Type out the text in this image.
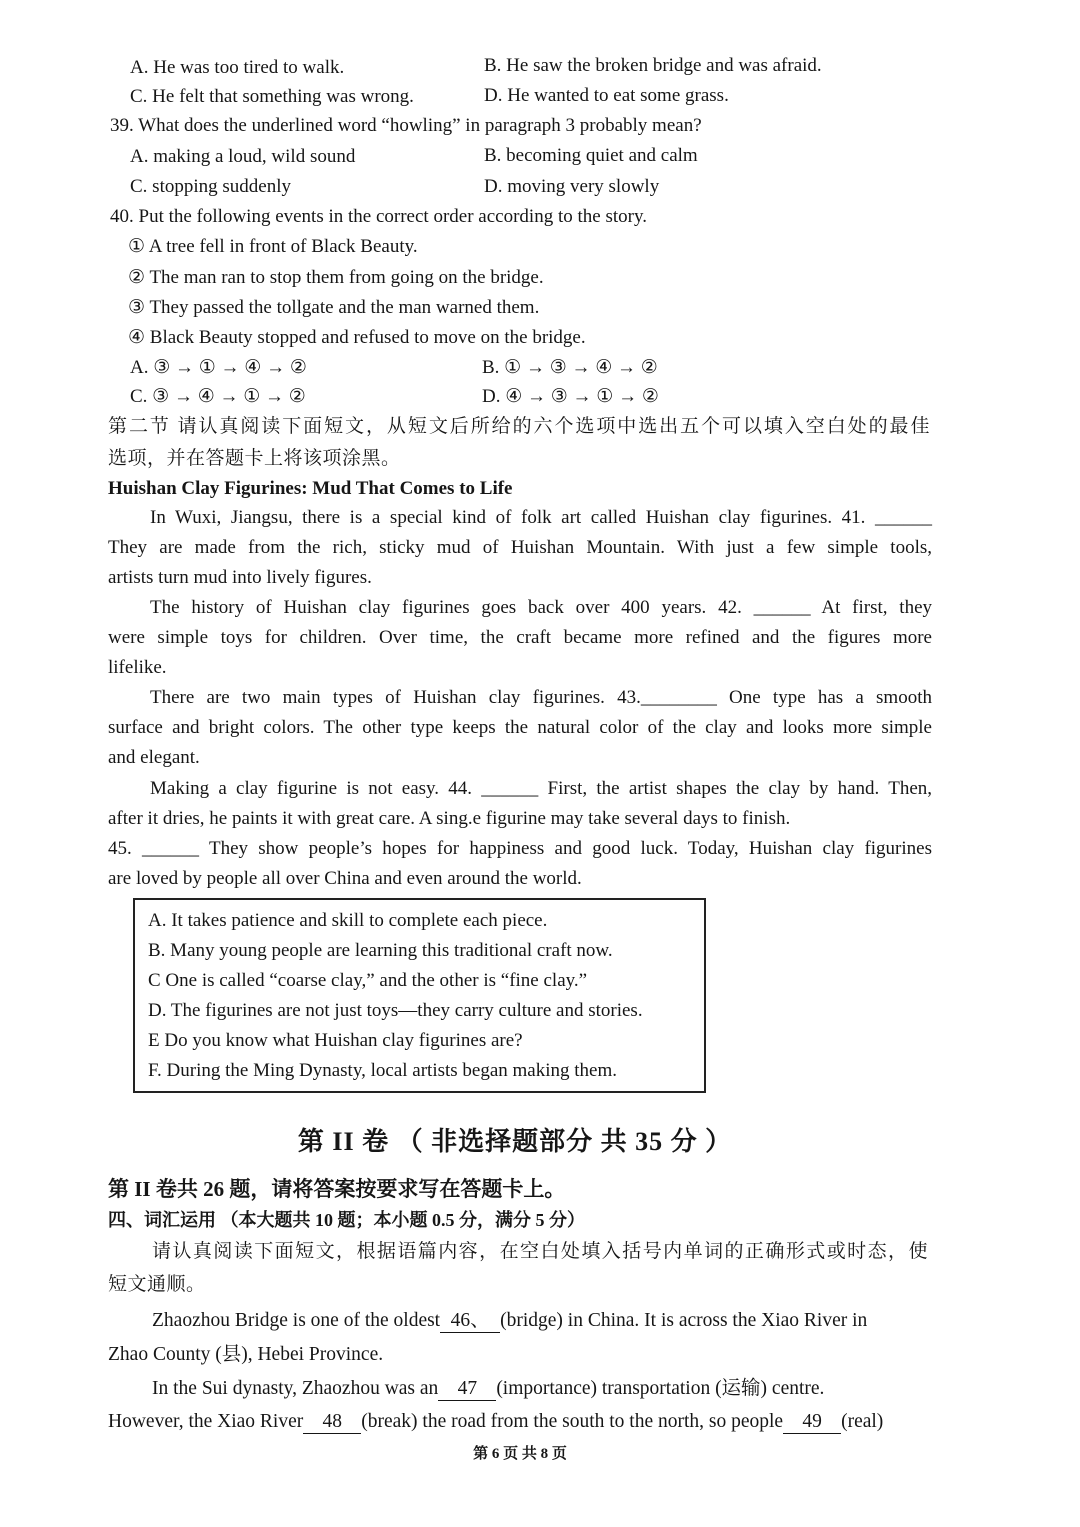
A. He was too tired to walk.	B. He saw the broken bridge and was afraid.
C. He felt that something was wrong.	D. He wanted to eat some grass.
39. What does the underlined word “howling” in paragraph 3 probably mean?
A. making a loud, wild sound	B. becoming quiet and calm
C. stopping suddenly	D. moving very slowly
40. Put the following events in the correct order according to the story.
① A tree fell in front of Black Beauty.
② The man ran to stop them from going on the bridge.
③ They passed the tollgate and the man warned them.
④ Black Beauty stopped and refused to move on the bridge.
A. ③ → ① → ④ → ②	B. ① → ③ → ④ → ②
C. ③ → ④ → ① → ②	D. ④ → ③ → ① → ②
第二节 请认真阅读下面短文，从短文后所给的六个选项中选出五个可以填入空白处的最佳
选项，并在答题卡上将该项涂黑。
Huishan Clay Figurines: Mud That Comes to Life
In Wuxi, Jiangsu, there is a special kind of folk art called Huishan clay figurines. 41. ______
They are made from the rich, sticky mud of Huishan Mountain. With just a few simple tools,
artists turn mud into lively figures.
The history of Huishan clay figurines goes back over 400 years. 42. ______ At first, they
were simple toys for children. Over time, the craft became more refined and the figures more
lifelike.
There are two main types of Huishan clay figurines. 43.________ One type has a smooth
surface and bright colors. The other type keeps the natural color of the clay and looks more simple
and elegant.
Making a clay figurine is not easy. 44. ______ First, the artist shapes the clay by hand. Then,
after it dries, he paints it with great care. A sing.e figurine may take several days to finish.
45. ______ They show people’s hopes for happiness and good luck. Today, Huishan clay figurines
are loved by people all over China and even around the world.
A. It takes patience and skill to complete each piece.
B. Many young people are learning this traditional craft now.
C One is called “coarse clay,” and the other is “fine clay.”
D. The figurines are not just toys—they carry culture and stories.
E Do you know what Huishan clay figurines are?
F. During the Ming Dynasty, local artists began making them.
第 II 卷 （ 非选择题部分 共 35 分 ）
第 II 卷共 26 题，请将答案按要求写在答题卡上。
四、词汇运用 （本大题共 10 题；本小题 0.5 分，满分 5 分）
请认真阅读下面短文，根据语篇内容，在空白处填入括号内单词的正确形式或时态，使
短文通顺。
Zhaozhou Bridge is one of the oldest 46、 (bridge) in China. It is across the Xiao River in
Zhao County (县), Hebei Province.
In the Sui dynasty, Zhaozhou was an 47 (importance) transportation (运输) centre.
However, the Xiao River 48 (break) the road from the south to the north, so people 49 (real)
第 6 页 共 8 页
